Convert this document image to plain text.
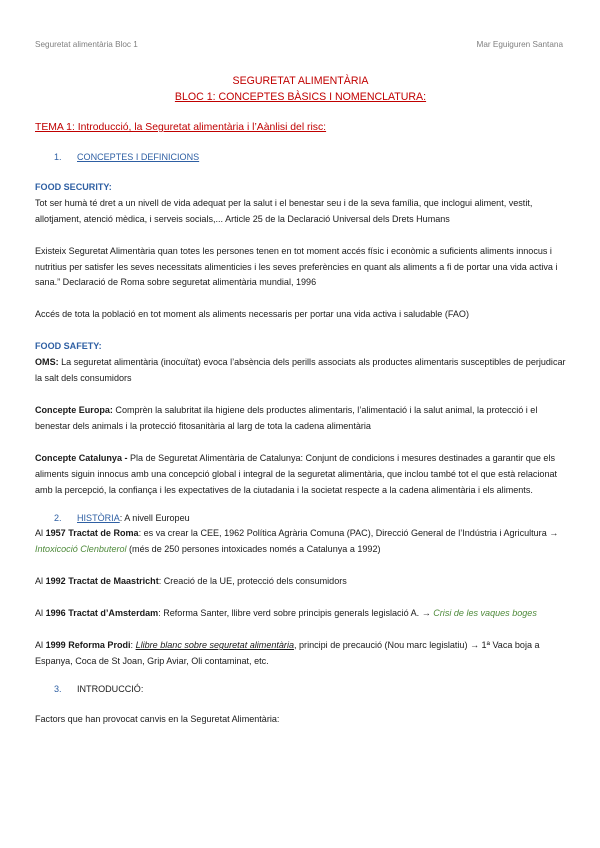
Seguretat alimentària Bloc 1	Mar Eguiguren Santana
SEGURETAT ALIMENTÀRIA
BLOC 1: CONCEPTES BÀSICS I NOMENCLATURA:
TEMA 1: Introducció, la Seguretat alimentària i l’Aànlisi del risc:
1. CONCEPTES I DEFINICIONS

FOOD SECURITY:

Tot ser humà té dret a un nivell de vida adequat per la salut i el benestar seu i de la seva família, que inclogui aliment, vestit, allotjament, atenció mèdica, i serveis socials,... Article 25 de la Declaració Universal dels Drets Humans

Existeix Seguretat Alimentària quan totes les persones tenen en tot moment accés físic i econòmic a suficients aliments innocus i nutritius per satisfer les seves necessitats alimenticies i les seves preferències en quant als aliments a fi de portar una vida activa i sana.” Declaració de Roma sobre seguretat alimentària mundial, 1996

Accés de tota la població en tot moment als aliments necessaris per portar una vida activa i saludable (FAO)

FOOD SAFETY:

OMS: La seguretat alimentària (inocuïtat) evoca l’absència dels perills associats als productes alimentaris susceptibles de perjudicar la salt dels consumidors

Concepte Europa: Comprèn la salubritat ila higiene dels productes alimentaris, l’alimentació i la salut animal, la protecció i el benestar dels animals i la protecció fitosanitària al larg de tota la cadena alimentària

Concepte Catalunya - Pla de Seguretat Alimentària de Catalunya: Conjunt de condicions i mesures destinades a garantir que els aliments siguin innocus amb una concepció global i integral de la seguretat alimentària, que inclou també tot el que està relacionat amb la percepció, la confiança i les expectatives de la ciutadania i la societat respecte a la cadena alimentària i els aliments.

2. HISTÒRIA: A nivell Europeu

Al 1957 Tractat de Roma: es va crear la CEE, 1962 Política Agrària Comuna (PAC), Direcció General de l’Indústria i Agricultura → Intoxicoció Clenbuterol (més de 250 persones intoxicades només a Catalunya a 1992)

Al 1992 Tractat de Maastricht: Creació de la UE, protecció dels consumidors

Al 1996 Tractat d’Amsterdam: Reforma Santer, llibre verd sobre principis generals legislació A. → Crisi de les vaques boges

Al 1999 Reforma Prodi: Llibre blanc sobre seguretat alimentària, principi de precaució (Nou marc legislatiu) → 1ª Vaca boja a Espanya, Coca de St Joan, Grip Aviar, Oli contaminat, etc.

3. INTRODUCCIÓ:

Factors que han provocat canvis en la Seguretat Alimentària:
